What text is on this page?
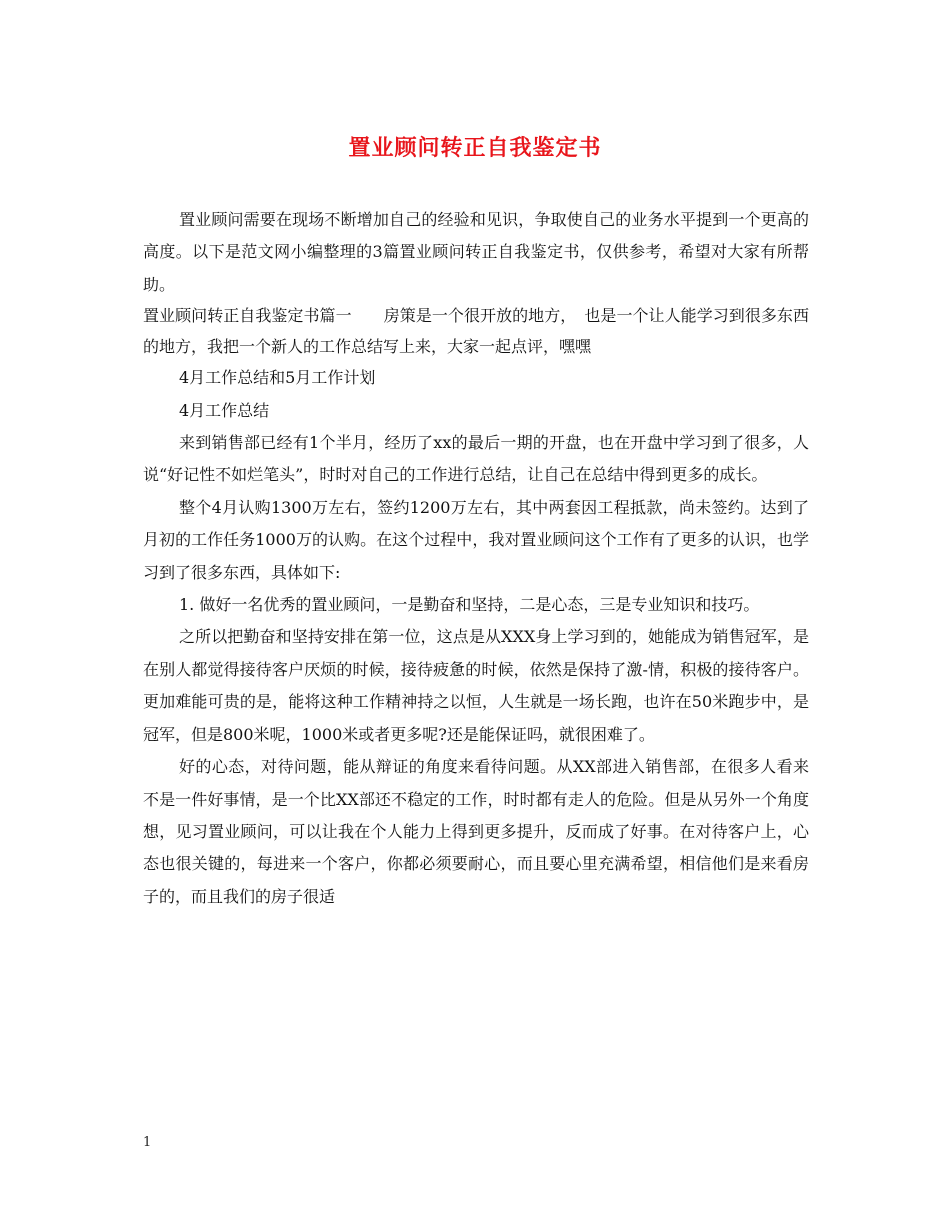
置业顾问转正自我鉴定书

置业顾问需要在现场不断增加自己的经验和见识，争取使自己的业务水平提到一个更高的高度。以下是范文网小编整理的3篇置业顾问转正自我鉴定书，仅供参考，希望对大家有所帮助。

置业顾问转正自我鉴定书篇一　　房策是一个很开放的地方，　也是一个让人能学习到很多东西的地方，我把一个新人的工作总结写上来，大家一起点评，嘿嘿

4月工作总结和5月工作计划

4月工作总结

来到销售部已经有1个半月，经历了xx的最后一期的开盘，也在开盘中学习到了很多，人说“好记性不如烂笔头”，时时对自己的工作进行总结，让自己在总结中得到更多的成长。

整个4月认购1300万左右，签约1200万左右，其中两套因工程抵款，尚未签约。达到了月初的工作任务1000万的认购。在这个过程中，我对置业顾问这个工作有了更多的认识，也学习到了很多东西，具体如下:

1. 做好一名优秀的置业顾问，一是勤奋和坚持，二是心态，三是专业知识和技巧。

之所以把勤奋和坚持安排在第一位，这点是从XXX身上学习到的，她能成为销售冠军，是在别人都觉得接待客户厌烦的时候，接待疲惫的时候，依然是保持了激-情，积极的接待客户。更加难能可贵的是，能将这种工作精神持之以恒，人生就是一场长跑，也许在50米跑步中，是冠军，但是800米呢，1000米或者更多呢?还是能保证吗，就很困难了。

好的心态，对待问题，能从辩证的角度来看待问题。从XX部进入销售部，在很多人看来不是一件好事情，是一个比XX部还不稳定的工作，时时都有走人的危险。但是从另外一个角度想，见习置业顾问，可以让我在个人能力上得到更多提升，反而成了好事。在对待客户上，心态也很关键的，每进来一个客户，你都必须要耐心，而且要心里充满希望，相信他们是来看房子的，而且我们的房子很适

1
